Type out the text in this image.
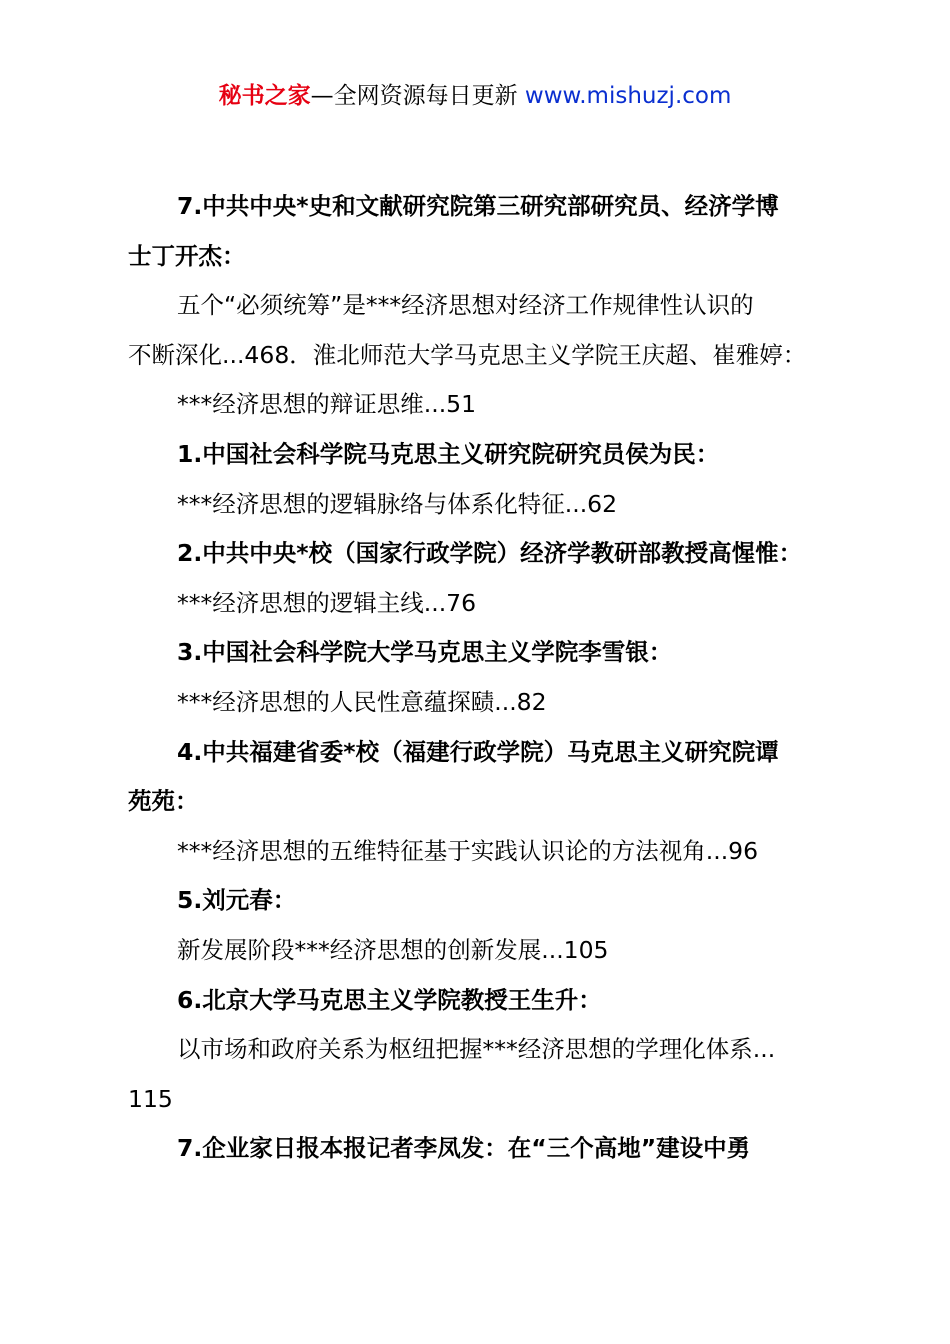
秘书之家—全网资源每日更新 www.mishuzj.com
7.中共中央*史和文献研究院第三研究部研究员、经济学博
士丁开杰：
五个“必须统筹”是***经济思想对经济工作规律性认识的
不断深化...468．淮北师范大学马克思主义学院王庆超、崔雅婷：
***经济思想的辩证思维...51
1.中国社会科学院马克思主义研究院研究员侯为民：
***经济思想的逻辑脉络与体系化特征...62
2.中共中央*校（国家行政学院）经济学教研部教授高惺惟：
***经济思想的逻辑主线...76
3.中国社会科学院大学马克思主义学院李雪银：
***经济思想的人民性意蕴探赜...82
4.中共福建省委*校（福建行政学院）马克思主义研究院谭
苑苑：
***经济思想的五维特征基于实践认识论的方法视角...96
5.刘元春：
新发展阶段***经济思想的创新发展...105
6.北京大学马克思主义学院教授王生升：
以市场和政府关系为枢纽把握***经济思想的学理化体系...
115
7.企业家日报本报记者李凤发：在“三个高地”建设中勇
